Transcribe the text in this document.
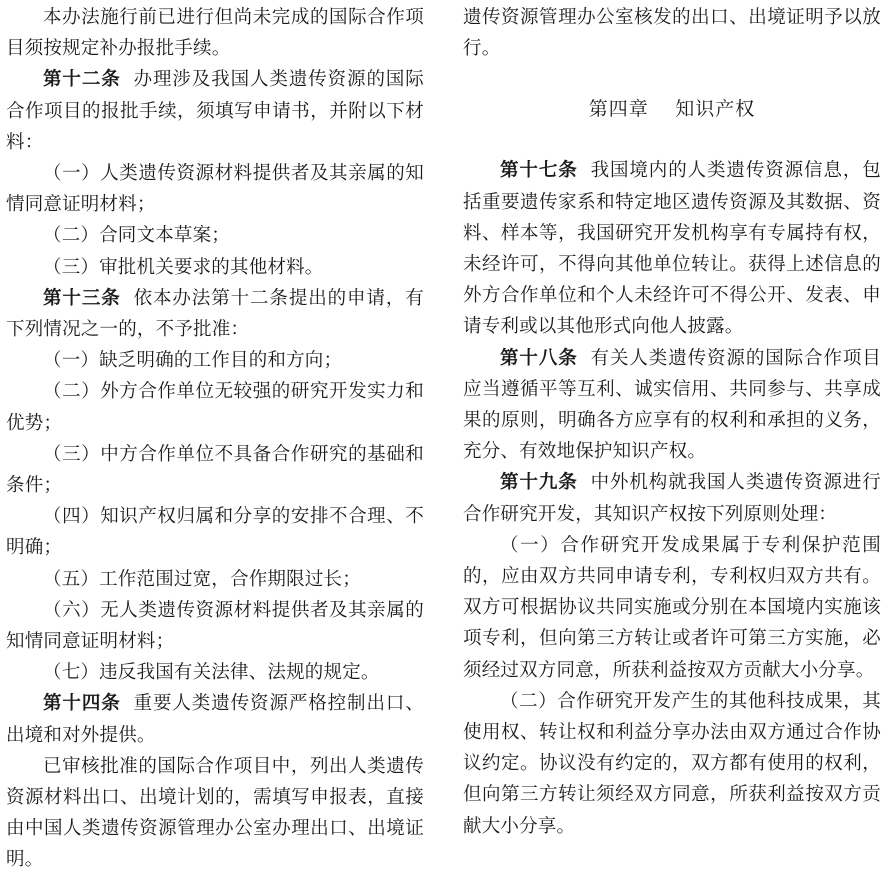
本办法施行前已进行但尚未完成的国际合作项目须按规定补办报批手续。

第十二条 办理涉及我国人类遗传资源的国际合作项目的报批手续，须填写申请书，并附以下材料：

（一）人类遗传资源材料提供者及其亲属的知情同意证明材料；

（二）合同文本草案；

（三）审批机关要求的其他材料。

第十三条 依本办法第十二条提出的申请，有下列情况之一的，不予批准：

（一）缺乏明确的工作目的和方向；

（二）外方合作单位无较强的研究开发实力和优势；

（三）中方合作单位不具备合作研究的基础和条件；

（四）知识产权归属和分享的安排不合理、不明确；

（五）工作范围过宽，合作期限过长；

（六）无人类遗传资源材料提供者及其亲属的知情同意证明材料；

（七）违反我国有关法律、法规的规定。

第十四条 重要人类遗传资源严格控制出口、出境和对外提供。

已审核批准的国际合作项目中，列出人类遗传资源材料出口、出境计划的，需填写申报表，直接由中国人类遗传资源管理办公室办理出口、出境证明。

遗传资源管理办公室核发的出口、出境证明予以放行。

第四章 知识产权

第十七条 我国境内的人类遗传资源信息，包括重要遗传家系和特定地区遗传资源及其数据、资料、样本等，我国研究开发机构享有专属持有权，未经许可，不得向其他单位转让。获得上述信息的外方合作单位和个人未经许可不得公开、发表、申请专利或以其他形式向他人披露。

第十八条 有关人类遗传资源的国际合作项目应当遵循平等互利、诚实信用、共同参与、共享成果的原则，明确各方应享有的权利和承担的义务，充分、有效地保护知识产权。

第十九条 中外机构就我国人类遗传资源进行合作研究开发，其知识产权按下列原则处理：

（一）合作研究开发成果属于专利保护范围的，应由双方共同申请专利，专利权归双方共有。双方可根据协议共同实施或分别在本国境内实施该项专利，但向第三方转让或者许可第三方实施，必须经过双方同意，所获利益按双方贡献大小分享。

（二）合作研究开发产生的其他科技成果，其使用权、转让权和利益分享办法由双方通过合作协议约定。协议没有约定的，双方都有使用的权利，但向第三方转让须经双方同意，所获利益按双方贡献大小分享。
